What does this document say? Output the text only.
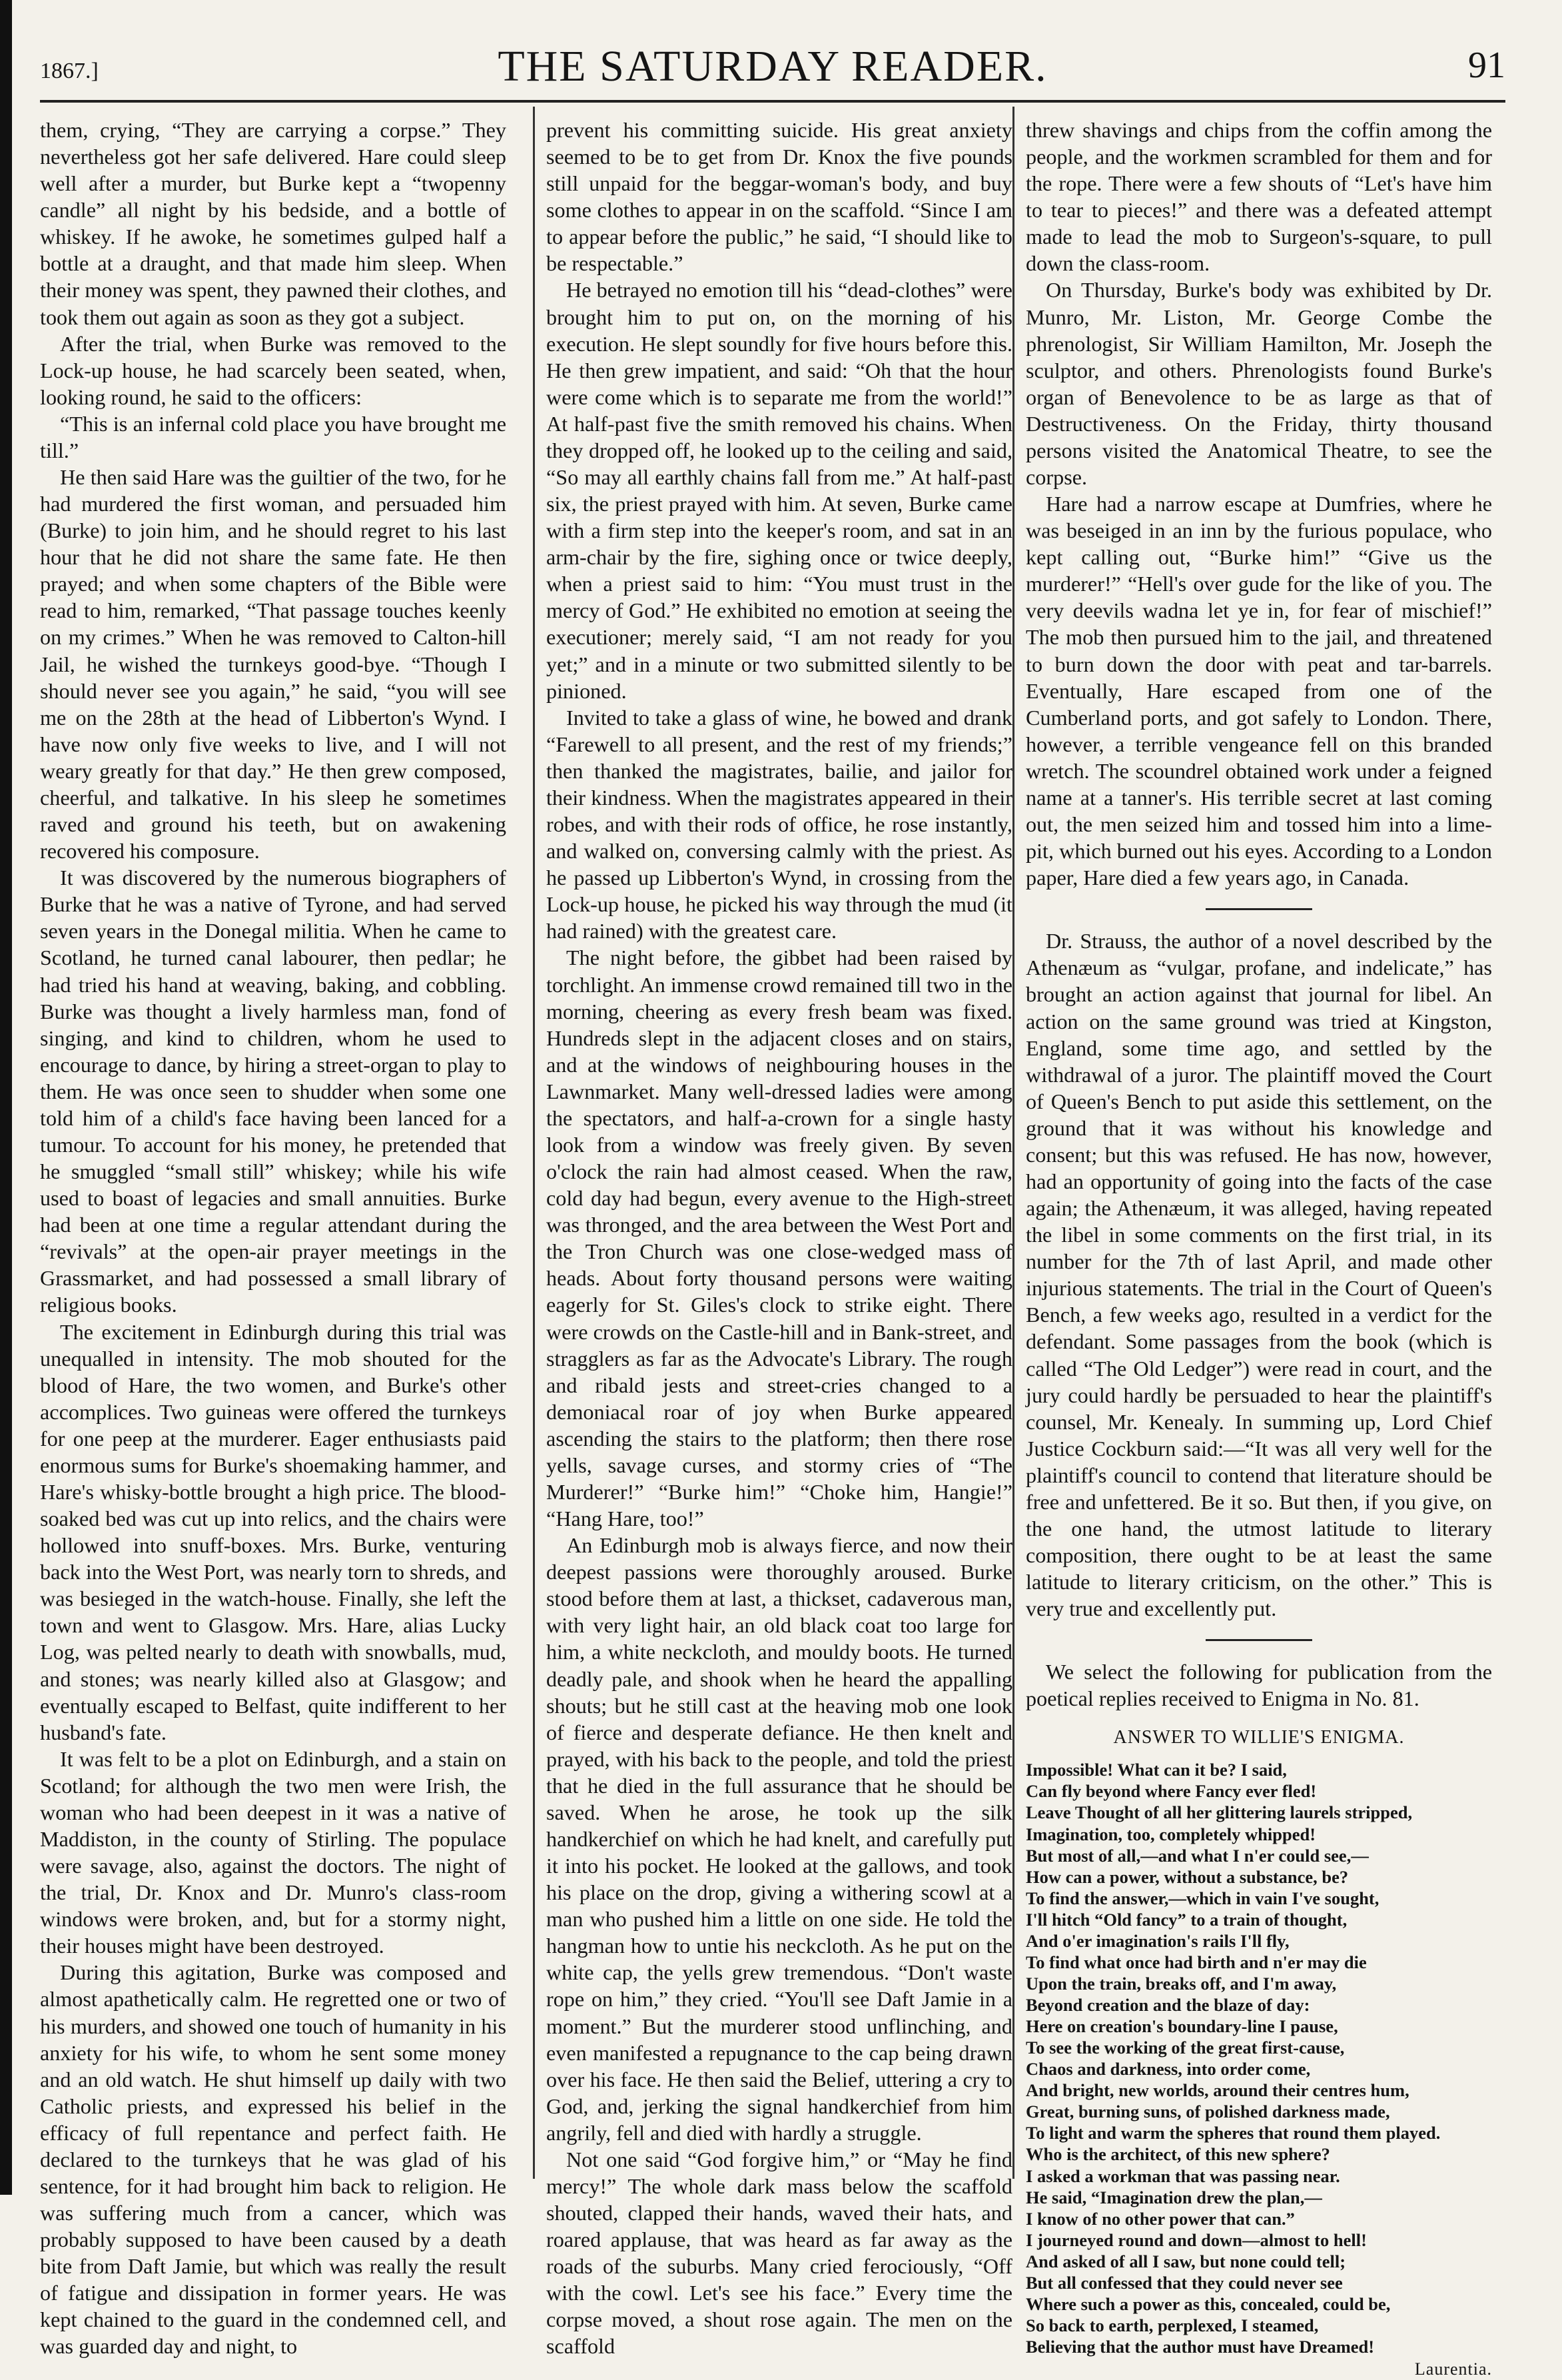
1867.]	THE SATURDAY READER.	91

them, crying, “They are carrying a corpse.” They nevertheless got her safe delivered. Hare could sleep well after a murder, but Burke kept a “twopenny candle” all night by his bedside, and a bottle of whiskey. If he awoke, he sometimes gulped half a bottle at a draught, and that made him sleep. When their money was spent, they pawned their clothes, and took them out again as soon as they got a subject.

After the trial, when Burke was removed to the Lock-up house, he had scarcely been seated, when, looking round, he said to the officers:

“This is an infernal cold place you have brought me till.”

He then said Hare was the guiltier of the two, for he had murdered the first woman, and persuaded him (Burke) to join him, and he should regret to his last hour that he did not share the same fate. He then prayed; and when some chapters of the Bible were read to him, remarked, “That passage touches keenly on my crimes.” When he was removed to Calton-hill Jail, he wished the turnkeys good-bye. “Though I should never see you again,” he said, “you will see me on the 28th at the head of Libberton's Wynd. I have now only five weeks to live, and I will not weary greatly for that day.” He then grew composed, cheerful, and talkative. In his sleep he sometimes raved and ground his teeth, but on awakening recovered his composure.

It was discovered by the numerous biographers of Burke that he was a native of Tyrone, and had served seven years in the Donegal militia. When he came to Scotland, he turned canal labourer, then pedlar; he had tried his hand at weaving, baking, and cobbling. Burke was thought a lively harmless man, fond of singing, and kind to children, whom he used to encourage to dance, by hiring a street-organ to play to them. He was once seen to shudder when some one told him of a child's face having been lanced for a tumour. To account for his money, he pretended that he smuggled “small still” whiskey; while his wife used to boast of legacies and small annuities. Burke had been at one time a regular attendant during the “revivals” at the open-air prayer meetings in the Grassmarket, and had possessed a small library of religious books.

The excitement in Edinburgh during this trial was unequalled in intensity. The mob shouted for the blood of Hare, the two women, and Burke's other accomplices. Two guineas were offered the turnkeys for one peep at the murderer. Eager enthusiasts paid enormous sums for Burke's shoemaking hammer, and Hare's whisky-bottle brought a high price. The blood-soaked bed was cut up into relics, and the chairs were hollowed into snuff-boxes. Mrs. Burke, venturing back into the West Port, was nearly torn to shreds, and was besieged in the watch-house. Finally, she left the town and went to Glasgow. Mrs. Hare, alias Lucky Log, was pelted nearly to death with snowballs, mud, and stones; was nearly killed also at Glasgow; and eventually escaped to Belfast, quite indifferent to her husband's fate.

It was felt to be a plot on Edinburgh, and a stain on Scotland; for although the two men were Irish, the woman who had been deepest in it was a native of Maddiston, in the county of Stirling. The populace were savage, also, against the doctors. The night of the trial, Dr. Knox and Dr. Munro's class-room windows were broken, and, but for a stormy night, their houses might have been destroyed.

During this agitation, Burke was composed and almost apathetically calm. He regretted one or two of his murders, and showed one touch of humanity in his anxiety for his wife, to whom he sent some money and an old watch. He shut himself up daily with two Catholic priests, and expressed his belief in the efficacy of full repentance and perfect faith. He declared to the turnkeys that he was glad of his sentence, for it had brought him back to religion. He was suffering much from a cancer, which was probably supposed to have been caused by a death bite from Daft Jamie, but which was really the result of fatigue and dissipation in former years. He was kept chained to the guard in the condemned cell, and was guarded day and night, to

prevent his committing suicide. His great anxiety seemed to be to get from Dr. Knox the five pounds still unpaid for the beggar-woman's body, and buy some clothes to appear in on the scaffold. “Since I am to appear before the public,” he said, “I should like to be respectable.”

He betrayed no emotion till his “dead-clothes” were brought him to put on, on the morning of his execution. He slept soundly for five hours before this. He then grew impatient, and said: “Oh that the hour were come which is to separate me from the world!” At half-past five the smith removed his chains. When they dropped off, he looked up to the ceiling and said, “So may all earthly chains fall from me.” At half-past six, the priest prayed with him. At seven, Burke came with a firm step into the keeper's room, and sat in an arm-chair by the fire, sighing once or twice deeply, when a priest said to him: “You must trust in the mercy of God.” He exhibited no emotion at seeing the executioner; merely said, “I am not ready for you yet;” and in a minute or two submitted silently to be pinioned.

Invited to take a glass of wine, he bowed and drank “Farewell to all present, and the rest of my friends;” then thanked the magistrates, bailie, and jailor for their kindness. When the magistrates appeared in their robes, and with their rods of office, he rose instantly, and walked on, conversing calmly with the priest. As he passed up Libberton's Wynd, in crossing from the Lock-up house, he picked his way through the mud (it had rained) with the greatest care.

The night before, the gibbet had been raised by torchlight. An immense crowd remained till two in the morning, cheering as every fresh beam was fixed. Hundreds slept in the adjacent closes and on stairs, and at the windows of neighbouring houses in the Lawnmarket. Many well-dressed ladies were among the spectators, and half-a-crown for a single hasty look from a window was freely given. By seven o'clock the rain had almost ceased. When the raw, cold day had begun, every avenue to the High-street was thronged, and the area between the West Port and the Tron Church was one close-wedged mass of heads. About forty thousand persons were waiting eagerly for St. Giles's clock to strike eight. There were crowds on the Castle-hill and in Bank-street, and stragglers as far as the Advocate's Library. The rough and ribald jests and street-cries changed to a demoniacal roar of joy when Burke appeared ascending the stairs to the platform; then there rose yells, savage curses, and stormy cries of “The Murderer!” “Burke him!” “Choke him, Hangie!” “Hang Hare, too!”

An Edinburgh mob is always fierce, and now their deepest passions were thoroughly aroused. Burke stood before them at last, a thickset, cadaverous man, with very light hair, an old black coat too large for him, a white neckcloth, and mouldy boots. He turned deadly pale, and shook when he heard the appalling shouts; but he still cast at the heaving mob one look of fierce and desperate defiance. He then knelt and prayed, with his back to the people, and told the priest that he died in the full assurance that he should be saved. When he arose, he took up the silk handkerchief on which he had knelt, and carefully put it into his pocket. He looked at the gallows, and took his place on the drop, giving a withering scowl at a man who pushed him a little on one side. He told the hangman how to untie his neckcloth. As he put on the white cap, the yells grew tremendous. “Don't waste rope on him,” they cried. “You'll see Daft Jamie in a moment.” But the murderer stood unflinching, and even manifested a repugnance to the cap being drawn over his face. He then said the Belief, uttering a cry to God, and, jerking the signal handkerchief from him angrily, fell and died with hardly a struggle.

Not one said “God forgive him,” or “May he find mercy!” The whole dark mass below the scaffold shouted, clapped their hands, waved their hats, and roared applause, that was heard as far away as the roads of the suburbs. Many cried ferociously, “Off with the cowl. Let's see his face.” Every time the corpse moved, a shout rose again. The men on the scaffold

threw shavings and chips from the coffin among the people, and the workmen scrambled for them and for the rope. There were a few shouts of “Let's have him to tear to pieces!” and there was a defeated attempt made to lead the mob to Surgeon's-square, to pull down the class-room.

On Thursday, Burke's body was exhibited by Dr. Munro, Mr. Liston, Mr. George Combe the phrenologist, Sir William Hamilton, Mr. Joseph the sculptor, and others. Phrenologists found Burke's organ of Benevolence to be as large as that of Destructiveness. On the Friday, thirty thousand persons visited the Anatomical Theatre, to see the corpse.

Hare had a narrow escape at Dumfries, where he was beseiged in an inn by the furious populace, who kept calling out, “Burke him!” “Give us the murderer!” “Hell's over gude for the like of you. The very deevils wadna let ye in, for fear of mischief!” The mob then pursued him to the jail, and threatened to burn down the door with peat and tar-barrels. Eventually, Hare escaped from one of the Cumberland ports, and got safely to London. There, however, a terrible vengeance fell on this branded wretch. The scoundrel obtained work under a feigned name at a tanner's. His terrible secret at last coming out, the men seized him and tossed him into a lime-pit, which burned out his eyes. According to a London paper, Hare died a few years ago, in Canada.

Dr. Strauss, the author of a novel described by the Athenæum as “vulgar, profane, and indelicate,” has brought an action against that journal for libel. An action on the same ground was tried at Kingston, England, some time ago, and settled by the withdrawal of a juror. The plaintiff moved the Court of Queen's Bench to put aside this settlement, on the ground that it was without his knowledge and consent; but this was refused. He has now, however, had an opportunity of going into the facts of the case again; the Athenæum, it was alleged, having repeated the libel in some comments on the first trial, in its number for the 7th of last April, and made other injurious statements. The trial in the Court of Queen's Bench, a few weeks ago, resulted in a verdict for the defendant. Some passages from the book (which is called “The Old Ledger”) were read in court, and the jury could hardly be persuaded to hear the plaintiff's counsel, Mr. Kenealy. In summing up, Lord Chief Justice Cockburn said:—“It was all very well for the plaintiff's council to contend that literature should be free and unfettered. Be it so. But then, if you give, on the one hand, the utmost latitude to literary composition, there ought to be at least the same latitude to literary criticism, on the other.” This is very true and excellently put.

We select the following for publication from the poetical replies received to Enigma in No. 81.

ANSWER TO WILLIE'S ENIGMA.
Impossible! What can it be? I said,
Can fly beyond where Fancy ever fled!
Leave Thought of all her glittering laurels stripped,
Imagination, too, completely whipped!
But most of all,—and what I n'er could see,—
How can a power, without a substance, be?
To find the answer,—which in vain I've sought,
I'll hitch “Old fancy” to a train of thought,
And o'er imagination's rails I'll fly,
To find what once had birth and n'er may die
Upon the train, breaks off, and I'm away,
Beyond creation and the blaze of day:
Here on creation's boundary-line I pause,
To see the working of the great first-cause,
Chaos and darkness, into order come,
And bright, new worlds, around their centres hum,
Great, burning suns, of polished darkness made,
To light and warm the spheres that round them played.
Who is the architect, of this new sphere?
I asked a workman that was passing near.
He said, “Imagination drew the plan,—
I know of no other power that can.”
I journeyed round and down—almost to hell!
And asked of all I saw, but none could tell;
But all confessed that they could never see
Where such a power as this, concealed, could be,
So back to earth, perplexed, I steamed,
Believing that the author must have Dreamed!
Laurentia.
